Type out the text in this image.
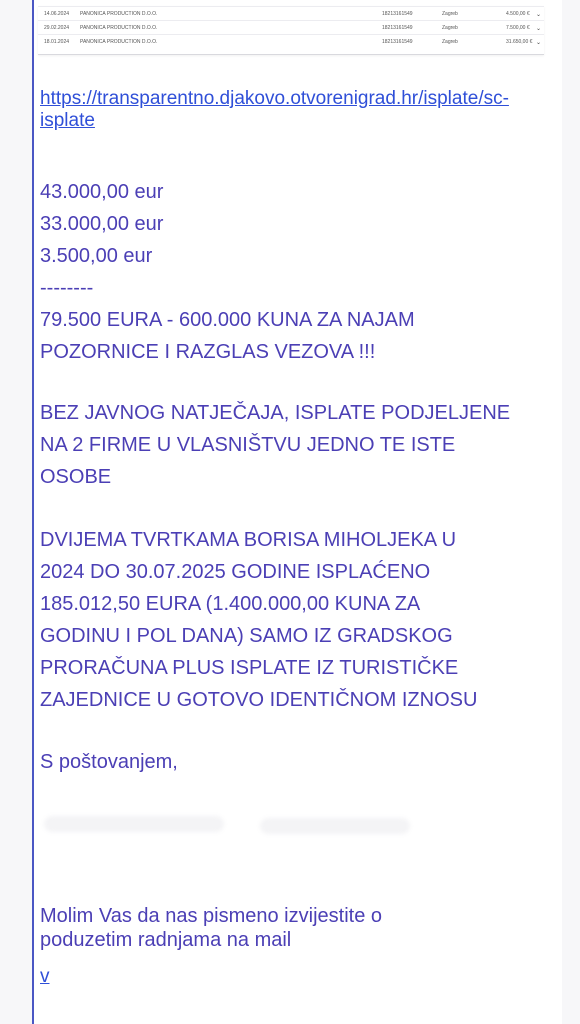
14.06.2024 PANONICA PRODUCTION D.O.O.	18213161549	Zagreb	4.500,00 € ⌄
29.02.2024 PANONICA PRODUCTION D.O.O.	18213161549	Zagreb	7.500,00 € ⌄
18.01.2024 PANONICA PRODUCTION D.O.O.	18213161549	Zagreb	31.650,00 € ⌄
https://transparentno.djakovo.otvorenigrad.hr/isplate/sc-
isplate
43.000,00 eur
33.000,00 eur
3.500,00 eur
--------
79.500 EURA - 600.000 KUNA ZA NAJAM
POZORNICE I RAZGLAS VEZOVA !!!
BEZ JAVNOG NATJEČAJA, ISPLATE PODJELJENE
NA 2 FIRME U VLASNIŠTVU JEDNO TE ISTE
OSOBE
DVIJEMA TVRTKAMA BORISA MIHOLJEKA U
2024 DO 30.07.2025 GODINE ISPLAĆENO
185.012,50 EURA (1.400.000,00 KUNA ZA
GODINU I POL DANA) SAMO IZ GRADSKOG
PRORAČUNA PLUS ISPLATE IZ TURISTIČKE
ZAJEDNICE U GOTOVO IDENTIČNOM IZNOSU
S poštovanjem,
Molim Vas da nas pismeno izvijestite o
poduzetim radnjama na mail
v
